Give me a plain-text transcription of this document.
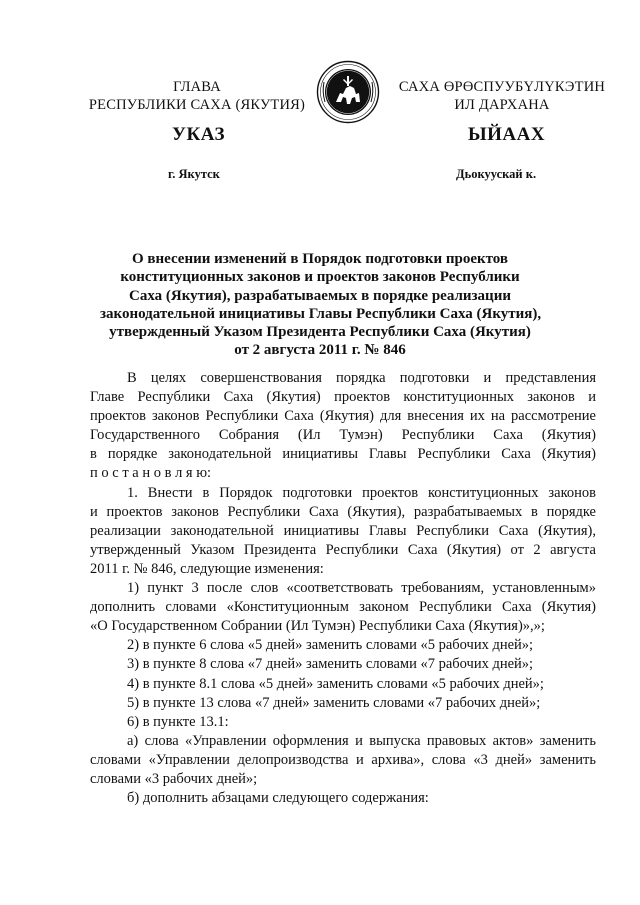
ГЛАВА
РЕСПУБЛИКИ САХА (ЯКУТИЯ)
САХА ӨРӨСПУУБҮЛҮКЭТИН
ИЛ ДАРХАНА
УКАЗ	ЫЙААХ
г. Якутск	Дьокуускай к.
О внесении изменений в Порядок подготовки проектов
конституционных законов и проектов законов Республики
Саха (Якутия), разрабатываемых в порядке реализации
законодательной инициативы Главы Республики Саха (Якутия),
утвержденный Указом Президента Республики Саха (Якутия)
от 2 августа 2011 г. № 846
В целях совершенствования порядка подготовки и представления
Главе Республики Саха (Якутия) проектов конституционных законов и
проектов законов Республики Саха (Якутия) для внесения их на рассмотрение
Государственного Собрания (Ил Тумэн) Республики Саха (Якутия)
в порядке законодательной инициативы Главы Республики Саха (Якутия)
п о с т а н о в л я ю:
1. Внести в Порядок подготовки проектов конституционных законов
и проектов законов Республики Саха (Якутия), разрабатываемых в порядке
реализации законодательной инициативы Главы Республики Саха (Якутия),
утвержденный Указом Президента Республики Саха (Якутия) от 2 августа
2011 г. № 846, следующие изменения:
1) пункт 3 после слов «соответствовать требованиям, установленным»
дополнить словами «Конституционным законом Республики Саха (Якутия)
«О Государственном Собрании (Ил Тумэн) Республики Саха (Якутия)»,»;
2) в пункте 6 слова «5 дней» заменить словами «5 рабочих дней»;
3) в пункте 8 слова «7 дней» заменить словами «7 рабочих дней»;
4) в пункте 8.1 слова «5 дней» заменить словами «5 рабочих дней»;
5) в пункте 13 слова «7 дней» заменить словами «7 рабочих дней»;
6) в пункте 13.1:
а) слова «Управлении оформления и выпуска правовых актов» заменить
словами «Управлении делопроизводства и архива», слова «3 дней» заменить
словами «3 рабочих дней»;
б) дополнить абзацами следующего содержания:
